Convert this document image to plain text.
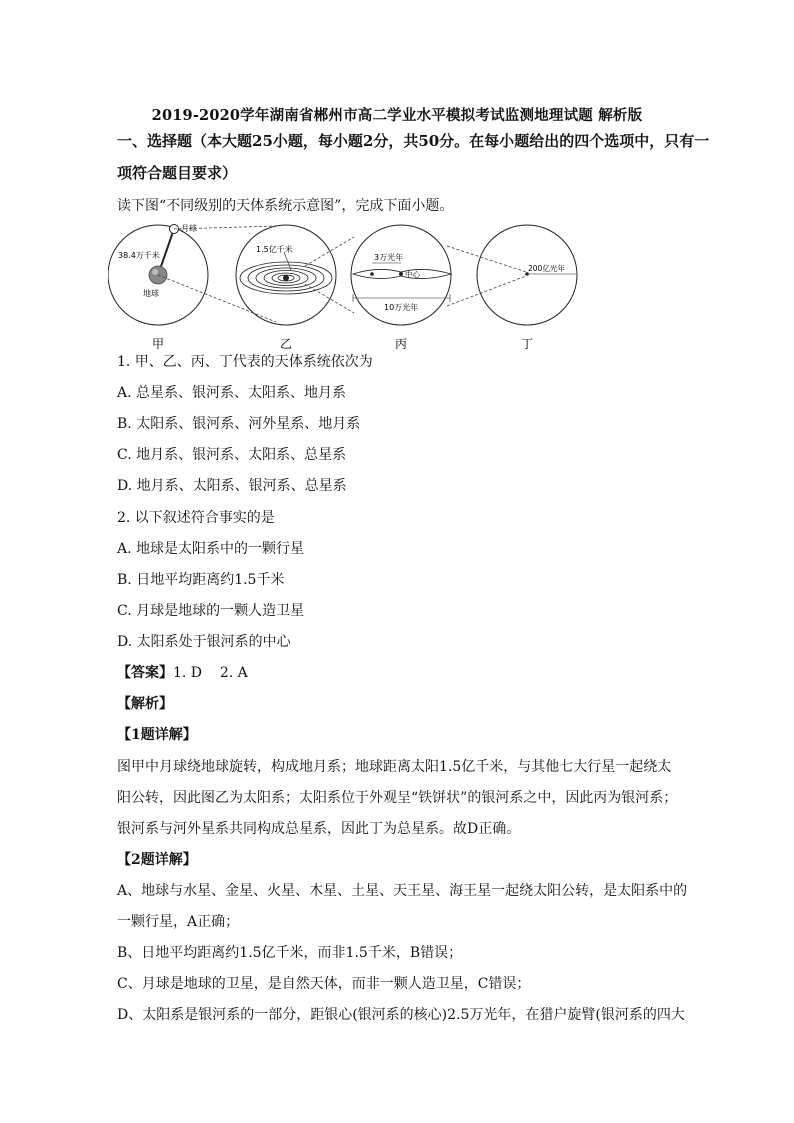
2019-2020学年湖南省郴州市高二学业水平模拟考试监测地理试题 解析版
一、选择题（本大题25小题，每小题2分，共50分。在每小题给出的四个选项中，只有一
项符合题目要求）
读下图“不同级别的天体系统示意图”，完成下面小题。
月球
38.4万千米
地球
1.5亿千米
3万光年
中心
10万光年
200亿光年
甲	乙	丙	丁
1. 甲、乙、丙、丁代表的天体系统依次为
A. 总星系、银河系、太阳系、地月系
B. 太阳系、银河系、河外星系、地月系
C. 地月系、银河系、太阳系、总星系
D. 地月系、太阳系、银河系、总星系
2. 以下叙述符合事实的是
A. 地球是太阳系中的一颗行星
B. 日地平均距离约1.5千米
C. 月球是地球的一颗人造卫星
D. 太阳系处于银河系的中心
【答案】1. D    2. A
【解析】
【1题详解】
图甲中月球绕地球旋转，构成地月系；地球距离太阳1.5亿千米，与其他七大行星一起绕太
阳公转，因此图乙为太阳系；太阳系位于外观呈“铁饼状”的银河系之中，因此丙为银河系；
银河系与河外星系共同构成总星系，因此丁为总星系。故D正确。
【2题详解】
A、地球与水星、金星、火星、木星、土星、天王星、海王星一起绕太阳公转，是太阳系中的
一颗行星，A正确；
B、日地平均距离约1.5亿千米，而非1.5千米，B错误；
C、月球是地球的卫星，是自然天体，而非一颗人造卫星，C错误；
D、太阳系是银河系的一部分，距银心(银河系的核心)2.5万光年，在猎户旋臂(银河系的四大
